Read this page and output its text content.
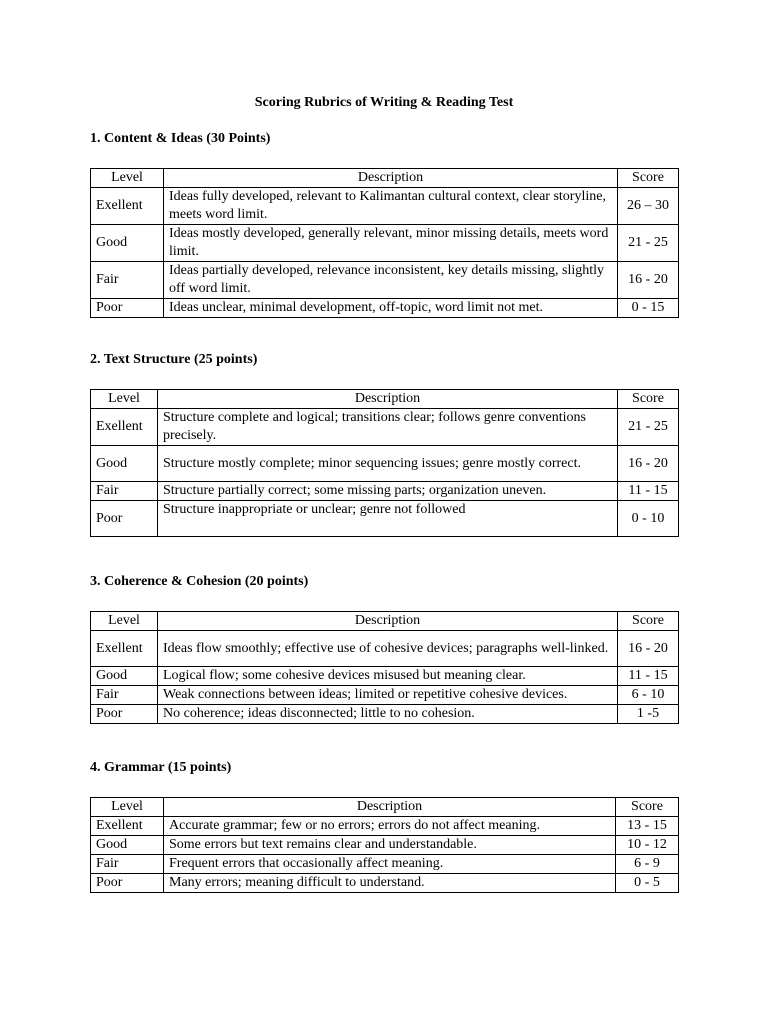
Scoring Rubrics of Writing & Reading Test
1. Content & Ideas (30 Points)
Level	Description	Score
Exellent	Ideas fully developed, relevant to Kalimantan cultural context, clear storyline, meets word limit.	26 – 30
Good	Ideas mostly developed, generally relevant, minor missing details, meets word limit.	21 - 25
Fair	Ideas partially developed, relevance inconsistent, key details missing, slightly off word limit.	16 - 20
Poor	Ideas unclear, minimal development, off-topic, word limit not met.	0 - 15
2. Text Structure (25 points)
Level	Description	Score
Exellent	Structure complete and logical; transitions clear; follows genre conventions precisely.	21 - 25
Good	Structure mostly complete; minor sequencing issues; genre mostly correct.	16 - 20
Fair	Structure partially correct; some missing parts; organization uneven.	11 - 15
Poor	Structure inappropriate or unclear; genre not followed	0 - 10
3. Coherence & Cohesion (20 points)
Level	Description	Score
Exellent	Ideas flow smoothly; effective use of cohesive devices; paragraphs well-linked.	16 - 20
Good	Logical flow; some cohesive devices misused but meaning clear.	11 - 15
Fair	Weak connections between ideas; limited or repetitive cohesive devices.	6 - 10
Poor	No coherence; ideas disconnected; little to no cohesion.	1 -5
4. Grammar (15 points)
Level	Description	Score
Exellent	Accurate grammar; few or no errors; errors do not affect meaning.	13 - 15
Good	Some errors but text remains clear and understandable.	10 - 12
Fair	Frequent errors that occasionally affect meaning.	6 - 9
Poor	Many errors; meaning difficult to understand.	0 - 5
